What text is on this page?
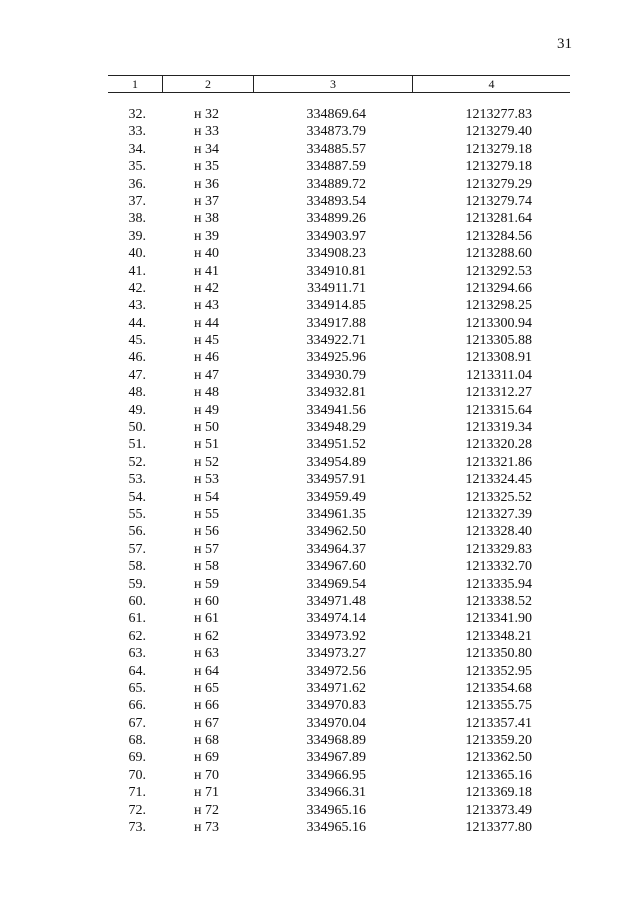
31
1	2	3	4
32.	н 32	334869.64	1213277.83
33.	н 33	334873.79	1213279.40
34.	н 34	334885.57	1213279.18
35.	н 35	334887.59	1213279.18
36.	н 36	334889.72	1213279.29
37.	н 37	334893.54	1213279.74
38.	н 38	334899.26	1213281.64
39.	н 39	334903.97	1213284.56
40.	н 40	334908.23	1213288.60
41.	н 41	334910.81	1213292.53
42.	н 42	334911.71	1213294.66
43.	н 43	334914.85	1213298.25
44.	н 44	334917.88	1213300.94
45.	н 45	334922.71	1213305.88
46.	н 46	334925.96	1213308.91
47.	н 47	334930.79	1213311.04
48.	н 48	334932.81	1213312.27
49.	н 49	334941.56	1213315.64
50.	н 50	334948.29	1213319.34
51.	н 51	334951.52	1213320.28
52.	н 52	334954.89	1213321.86
53.	н 53	334957.91	1213324.45
54.	н 54	334959.49	1213325.52
55.	н 55	334961.35	1213327.39
56.	н 56	334962.50	1213328.40
57.	н 57	334964.37	1213329.83
58.	н 58	334967.60	1213332.70
59.	н 59	334969.54	1213335.94
60.	н 60	334971.48	1213338.52
61.	н 61	334974.14	1213341.90
62.	н 62	334973.92	1213348.21
63.	н 63	334973.27	1213350.80
64.	н 64	334972.56	1213352.95
65.	н 65	334971.62	1213354.68
66.	н 66	334970.83	1213355.75
67.	н 67	334970.04	1213357.41
68.	н 68	334968.89	1213359.20
69.	н 69	334967.89	1213362.50
70.	н 70	334966.95	1213365.16
71.	н 71	334966.31	1213369.18
72.	н 72	334965.16	1213373.49
73.	н 73	334965.16	1213377.80
